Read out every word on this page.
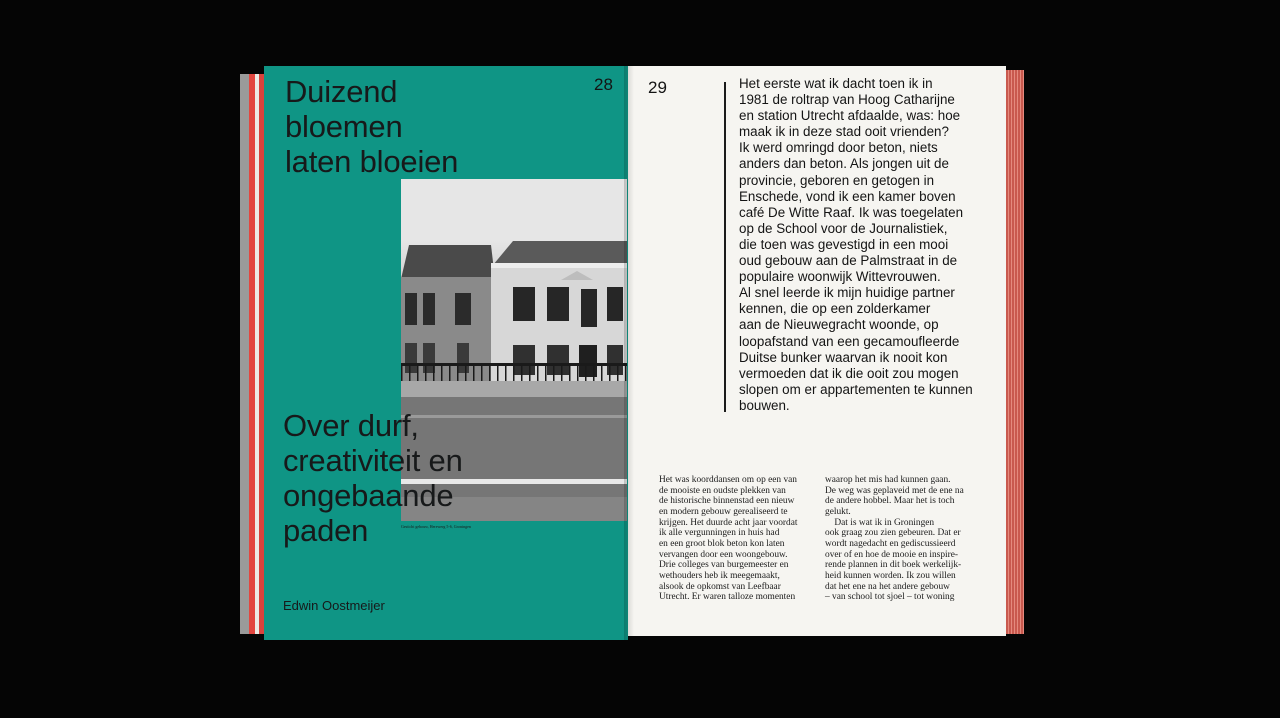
Duizend
bloemen
laten bloeien
28 29
Over durf,
creativiteit en
ongebaande
paden	Gesticht gebouw, Herewerg 5-6, Groningen
Edwin Oostmeijer
Het eerste wat ik dacht toen ik in
1981 de roltrap van Hoog Catharijne
en station Utrecht afdaalde, was: hoe
maak ik in deze stad ooit vrienden?
Ik werd omringd door beton, niets
anders dan beton. Als jongen uit de
provincie, geboren en getogen in
Enschede, vond ik een kamer boven
café De Witte Raaf. Ik was toegelaten
op de School voor de Journalistiek,
die toen was gevestigd in een mooi
oud gebouw aan de Palmstraat in de
populaire woonwijk Wittevrouwen.
Al snel leerde ik mijn huidige partner
kennen, die op een zolderkamer
aan de Nieuwegracht woonde, op
loopafstand van een gecamoufleerde
Duitse bunker waarvan ik nooit kon
vermoeden dat ik die ooit zou mogen
slopen om er appartementen te kunnen
bouwen.
Het was koorddansen om op een van
de mooiste en oudste plekken van
de historische binnenstad een nieuw
en modern gebouw gerealiseerd te
krijgen. Het duurde acht jaar voordat
ik alle vergunningen in huis had
en een groot blok beton kon laten
vervangen door een woongebouw.
Drie colleges van burgemeester en
wethouders heb ik meegemaakt,
alsook de opkomst van Leefbaar
Utrecht. Er waren talloze momenten
waarop het mis had kunnen gaan.
De weg was geplaveid met de ene na
de andere hobbel. Maar het is toch
gelukt.
Dat is wat ik in Groningen
ook graag zou zien gebeuren. Dat er
wordt nagedacht en gediscussieerd
over of en hoe de mooie en inspire-
rende plannen in dit boek werkelijk-
heid kunnen worden. Ik zou willen
dat het ene na het andere gebouw
– van school tot sjoel – tot woning
